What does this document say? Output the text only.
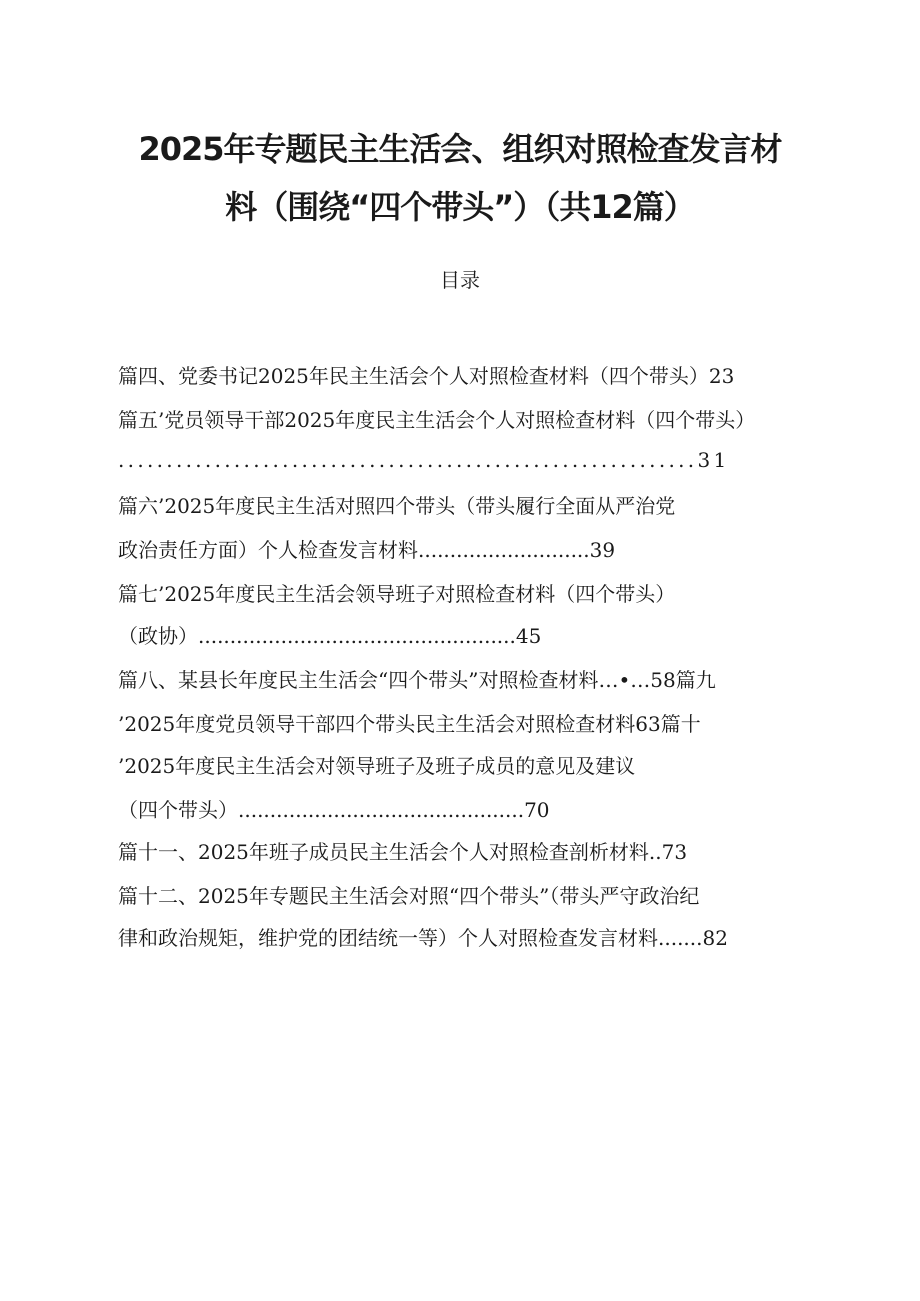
2025年专题民主生活会、组织对照检查发言材
料（围绕“四个带头”）（共12篇）
目录
篇四、党委书记2025年民主生活会个人对照检查材料（四个带头）23
篇五’党员领导干部2025年度民主生活会个人对照检查材料（四个带头）
............................................................31
篇六’2025年度民主生活对照四个带头（带头履行全面从严治党
政治责任方面）个人检查发言材料...........................39
篇七’2025年度民主生活会领导班子对照检查材料（四个带头）
（政协）..................................................45
篇八、某县长年度民主生活会“四个带头”对照检查材料…•…58篇九
’2025年度党员领导干部四个带头民主生活会对照检查材料63篇十
’2025年度民主生活会对领导班子及班子成员的意见及建议
（四个带头）.............................................70
篇十一、2025年班子成员民主生活会个人对照检查剖析材料..73
篇十二、2025年专题民主生活会对照“四个带头”（带头严守政治纪
律和政治规矩，维护党的团结统一等）个人对照检查发言材料.......82
